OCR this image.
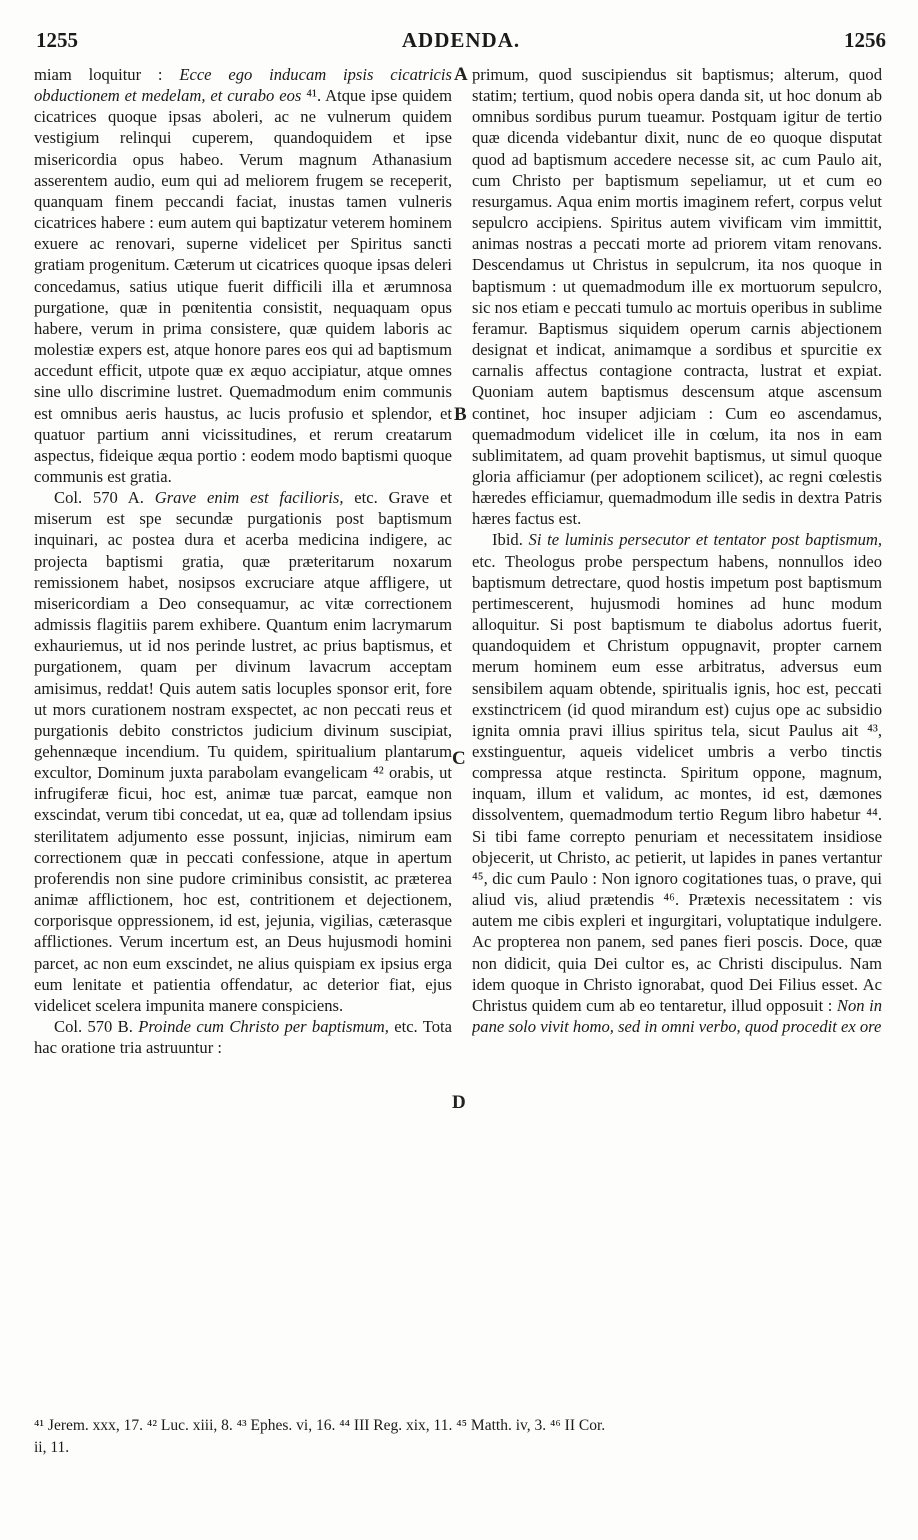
1255	ADDENDA.	1256

miam loquitur : Ecce ego inducam ipsis cicatricis obductionem et medelam, et curabo eos ⁴¹. Atque ipse quidem cicatrices quoque ipsas aboleri, ac ne vulnerum quidem vestigium relinqui cuperem, quandoquidem et ipse misericordia opus habeo. Verum magnum Athanasium asserentem audio, eum qui ad meliorem frugem se receperit, quanquam finem peccandi faciat, inustas tamen vulneris cicatrices habere : eum autem qui baptizatur veterem hominem exuere ac renovari, superne videlicet per Spiritus sancti gratiam progenitum. Cæterum ut cicatrices quoque ipsas deleri concedamus, satius utique fuerit difficili illa et ærumnosa purgatione, quæ in pœnitentia consistit, nequaquam opus habere, verum in prima consistere, quæ quidem laboris ac molestiæ expers est, atque honore pares eos qui ad baptismum accedunt efficit, utpote quæ ex æquo accipiatur, atque omnes sine ullo discrimine lustret. Quemadmodum enim communis est omnibus aeris haustus, ac lucis profusio et splendor, et quatuor partium anni vicissitudines, et rerum creatarum aspectus, fideique æqua portio : eodem modo baptismi quoque communis est gratia.

Col. 570 A. Grave enim est facilioris, etc. Grave et miserum est spe secundæ purgationis post baptismum inquinari, ac postea dura et acerba medicina indigere, ac projecta baptismi gratia, quæ præteritarum noxarum remissionem habet, nosipsos excruciare atque affligere, ut misericordiam a Deo consequamur, ac vitæ correctionem admissis flagitiis parem exhibere. Quantum enim lacrymarum exhauriemus, ut id nos perinde lustret, ac prius baptismus, et purgationem, quam per divinum lavacrum acceptam amisimus, reddat! Quis autem satis locuples sponsor erit, fore ut mors curationem nostram exspectet, ac non peccati reus et purgationis debito constrictos judicium divinum suscipiat, gehennæque incendium. Tu quidem, spiritualium plantarum excultor, Dominum juxta parabolam evangelicam ⁴² orabis, ut infrugiferæ ficui, hoc est, animæ tuæ parcat, eamque non exscindat, verum tibi concedat, ut ea, quæ ad tollendam ipsius sterilitatem adjumento esse possunt, injicias, nimirum eam correctionem quæ in peccati confessione, atque in apertum proferendis non sine pudore criminibus consistit, ac præterea animæ afflictionem, hoc est, contritionem et dejectionem, corporisque oppressionem, id est, jejunia, vigilias, cæterasque afflictiones. Verum incertum est, an Deus hujusmodi homini parcet, ac non eum exscindet, ne alius quispiam ex ipsius erga eum lenitate et patientia offendatur, ac deterior fiat, ejus videlicet scelera impunita manere conspiciens.

Col. 570 B. Proinde cum Christo per baptismum, etc. Tota hac oratione tria astruuntur :

A
B
C
D

primum, quod suscipiendus sit baptismus; alterum, quod statim; tertium, quod nobis opera danda sit, ut hoc donum ab omnibus sordibus purum tueamur. Postquam igitur de tertio quæ dicenda videbantur dixit, nunc de eo quoque disputat quod ad baptismum accedere necesse sit, ac cum Paulo ait, cum Christo per baptismum sepeliamur, ut et cum eo resurgamus. Aqua enim mortis imaginem refert, corpus velut sepulcro accipiens. Spiritus autem vivificam vim immittit, animas nostras a peccati morte ad priorem vitam renovans. Descendamus ut Christus in sepulcrum, ita nos quoque in baptismum : ut quemadmodum ille ex mortuorum sepulcro, sic nos etiam e peccati tumulo ac mortuis operibus in sublime feramur. Baptismus siquidem operum carnis abjectionem designat et indicat, animamque a sordibus et spurcitie ex carnalis affectus contagione contracta, lustrat et expiat. Quoniam autem baptismus descensum atque ascensum continet, hoc insuper adjiciam : Cum eo ascendamus, quemadmodum videlicet ille in cœlum, ita nos in eam sublimitatem, ad quam provehit baptismus, ut simul quoque gloria afficiamur (per adoptionem scilicet), ac regni cœlestis hæredes efficiamur, quemadmodum ille sedis in dextra Patris hæres factus est.

Ibid. Si te luminis persecutor et tentator post baptismum, etc. Theologus probe perspectum habens, nonnullos ideo baptismum detrectare, quod hostis impetum post baptismum pertimescerent, hujusmodi homines ad hunc modum alloquitur. Si post baptismum te diabolus adortus fuerit, quandoquidem et Christum oppugnavit, propter carnem merum hominem eum esse arbitratus, adversus eum sensibilem aquam obtende, spiritualis ignis, hoc est, peccati exstinctricem (id quod mirandum est) cujus ope ac subsidio ignita omnia pravi illius spiritus tela, sicut Paulus ait ⁴³, exstinguentur, aqueis videlicet umbris a verbo tinctis compressa atque restincta. Spiritum oppone, magnum, inquam, illum et validum, ac montes, id est, dæmones dissolventem, quemadmodum tertio Regum libro habetur ⁴⁴. Si tibi fame correpto penuriam et necessitatem insidiose objecerit, ut Christo, ac petierit, ut lapides in panes vertantur ⁴⁵, dic cum Paulo : Non ignoro cogitationes tuas, o prave, qui aliud vis, aliud prætendis ⁴⁶. Prætexis necessitatem : vis autem me cibis expleri et ingurgitari, voluptatique indulgere. Ac propterea non panem, sed panes fieri poscis. Doce, quæ non didicit, quia Dei cultor es, ac Christi discipulus. Nam idem quoque in Christo ignorabat, quod Dei Filius esset. Ac Christus quidem cum ab eo tentaretur, illud opposuit : Non in pane solo vivit homo, sed in omni verbo, quod procedit ex ore

⁴¹ Jerem. xxx, 17. ⁴² Luc. xiii, 8. ⁴³ Ephes. vi, 16. ⁴⁴ III Reg. xix, 11. ⁴⁵ Matth. iv, 3. ⁴⁶ II Cor.
ii, 11.
